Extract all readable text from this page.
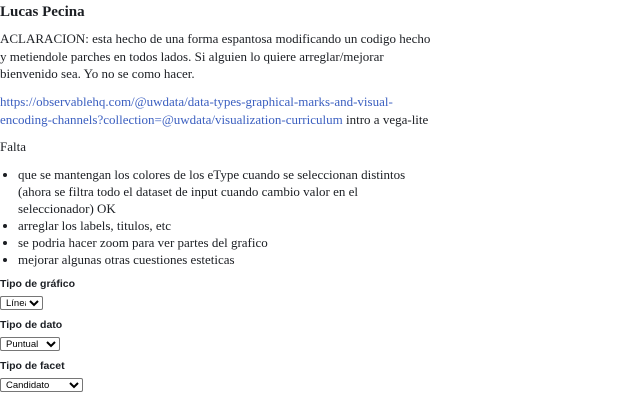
Lucas Pecina

ACLARACION: esta hecho de una forma espantosa modificando un codigo hecho y metiendole parches en todos lados. Si alguien lo quiere arreglar/mejorar bienvenido sea. Yo no se como hacer.

https://observablehq.com/@uwdata/data-types-graphical-marks-and-visual-encoding-channels?collection=@uwdata/visualization-curriculum intro a vega-lite

Falta

• que se mantengan los colores de los eType cuando se seleccionan distintos (ahora se filtra todo el dataset de input cuando cambio valor en el seleccionador) OK
• arreglar los labels, titulos, etc
• se podria hacer zoom para ver partes del grafico
• mejorar algunas otras cuestiones esteticas
Tipo de gráfico
Líneas
Tipo de dato
Puntual
Tipo de facet
Candidato
